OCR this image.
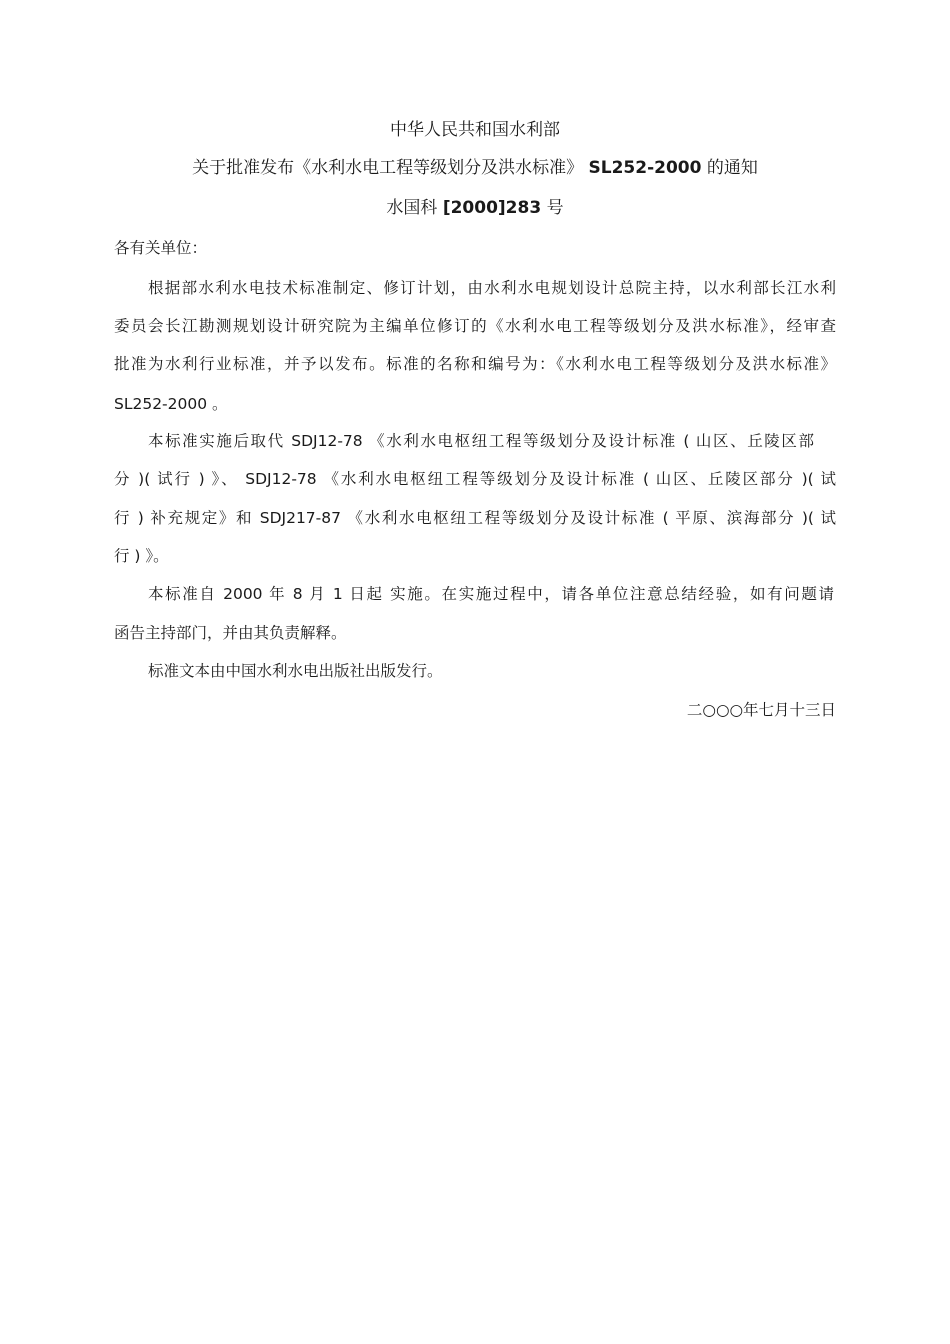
中华人民共和国水利部
关于批准发布《水利水电工程等级划分及洪水标准》 SL252-2000 的通知
水国科 [2000]283 号
各有关单位：
根据部水利水电技术标准制定、修订计划，由水利水电规划设计总院主持，以水利部长江水利
委员会长江勘测规划设计研究院为主编单位修订的《水利水电工程等级划分及洪水标准》，经审查
批准为水利行业标准，并予以发布。标准的名称和编号为：《水利水电工程等级划分及洪水标准》
SL252-2000 。
本标准实施后取代 SDJ12-78 《水利水电枢纽工程等级划分及设计标准 ( 山区、丘陵区部
分 )( 试行 ) 》、 SDJ12-78 《水利水电枢纽工程等级划分及设计标准 ( 山区、丘陵区部分 )( 试
行 ) 补充规定》和 SDJ217-87 《水利水电枢纽工程等级划分及设计标准 ( 平原、滨海部分 )( 试
行 ) 》。
本标准自 2000 年 8 月 1 日起 实施。在实施过程中，请各单位注意总结经验，如有问题请
函告主持部门，并由其负责解释。
标准文本由中国水利水电出版社出版发行。
二○○○年七月十三日
